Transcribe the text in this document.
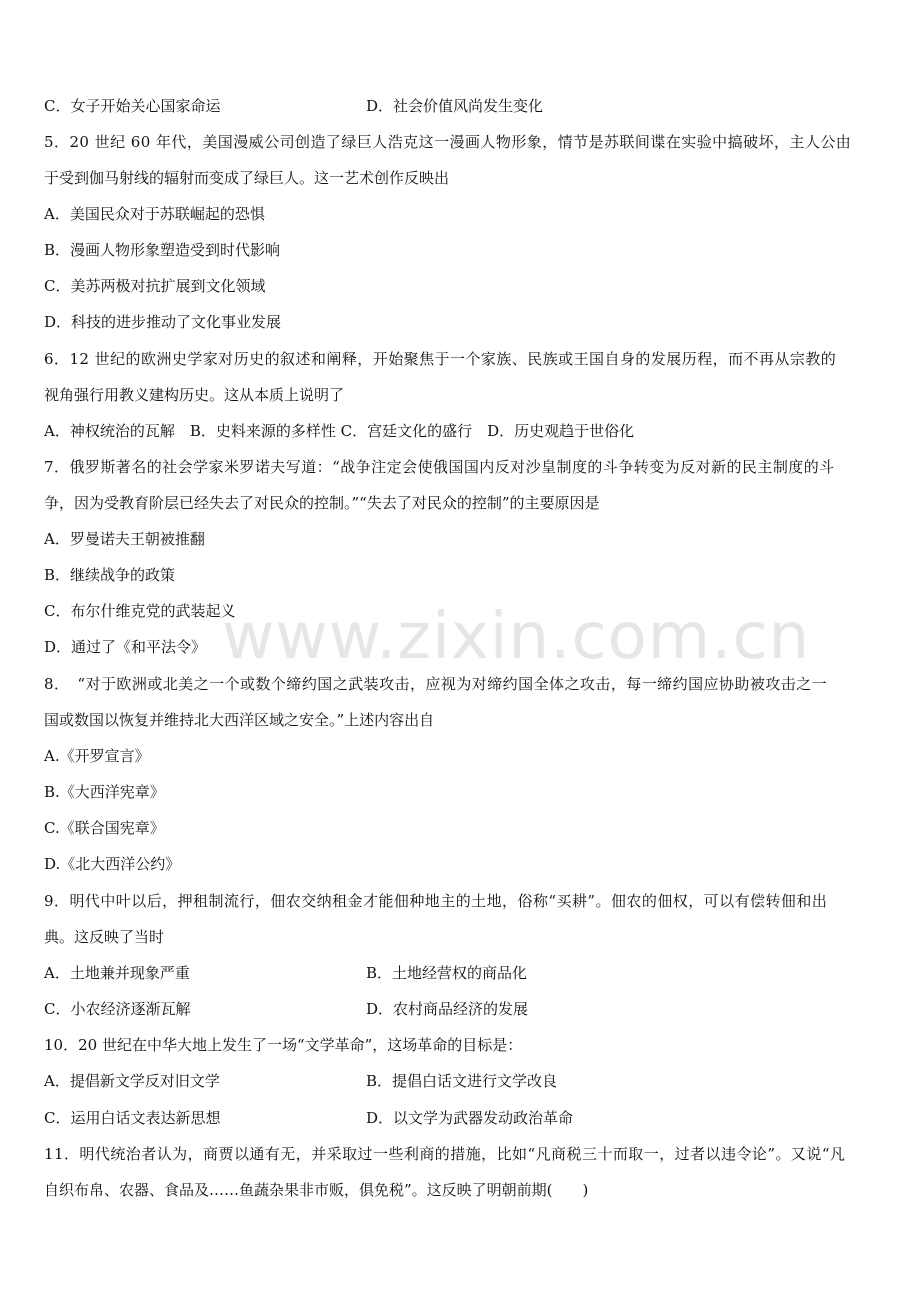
www.zixin.com.cn
C．女子开始关心国家命运	D．社会价值风尚发生变化
5．20 世纪 60 年代，美国漫威公司创造了绿巨人浩克这一漫画人物形象，情节是苏联间谍在实验中搞破坏，主人公由
于受到伽马射线的辐射而变成了绿巨人。这一艺术创作反映出
A．美国民众对于苏联崛起的恐惧
B．漫画人物形象塑造受到时代影响
C．美苏两极对抗扩展到文化领域
D．科技的进步推动了文化事业发展
6．12 世纪的欧洲史学家对历史的叙述和阐释，开始聚焦于一个家族、民族或王国自身的发展历程，而不再从宗教的
视角强行用教义建构历史。这从本质上说明了
A．神权统治的瓦解　B．史料来源的多样性 C．宫廷文化的盛行　D．历史观趋于世俗化
7．俄罗斯著名的社会学家米罗诺夫写道：“战争注定会使俄国国内反对沙皇制度的斗争转变为反对新的民主制度的斗
争，因为受教育阶层已经失去了对民众的控制。”“失去了对民众的控制”的主要原因是
A．罗曼诺夫王朝被推翻
B．继续战争的政策
C．布尔什维克党的武装起义
D．通过了《和平法令》
8．　“对于欧洲或北美之一个或数个缔约国之武装攻击，应视为对缔约国全体之攻击，每一缔约国应协助被攻击之一
国或数国以恢复并维持北大西洋区域之安全。”上述内容出自
A.《开罗宣言》
B.《大西洋宪章》
C.《联合国宪章》
D.《北大西洋公约》
9．明代中叶以后，押租制流行，佃农交纳租金才能佃种地主的土地，俗称“买耕”。佃农的佃权，可以有偿转佃和出
典。这反映了当时
A．土地兼并现象严重	B．土地经营权的商品化
C．小农经济逐渐瓦解	D．农村商品经济的发展
10．20 世纪在中华大地上发生了一场“文学革命”，这场革命的目标是：
A．提倡新文学反对旧文学	B．提倡白话文进行文学改良
C．运用白话文表达新思想	D．以文学为武器发动政治革命
11．明代统治者认为，商贾以通有无，并采取过一些利商的措施，比如“凡商税三十而取一，过者以违令论”。又说“凡
自织布帛、农器、食品及……鱼蔬杂果非市贩，俱免税”。这反映了明朝前期(　　)
